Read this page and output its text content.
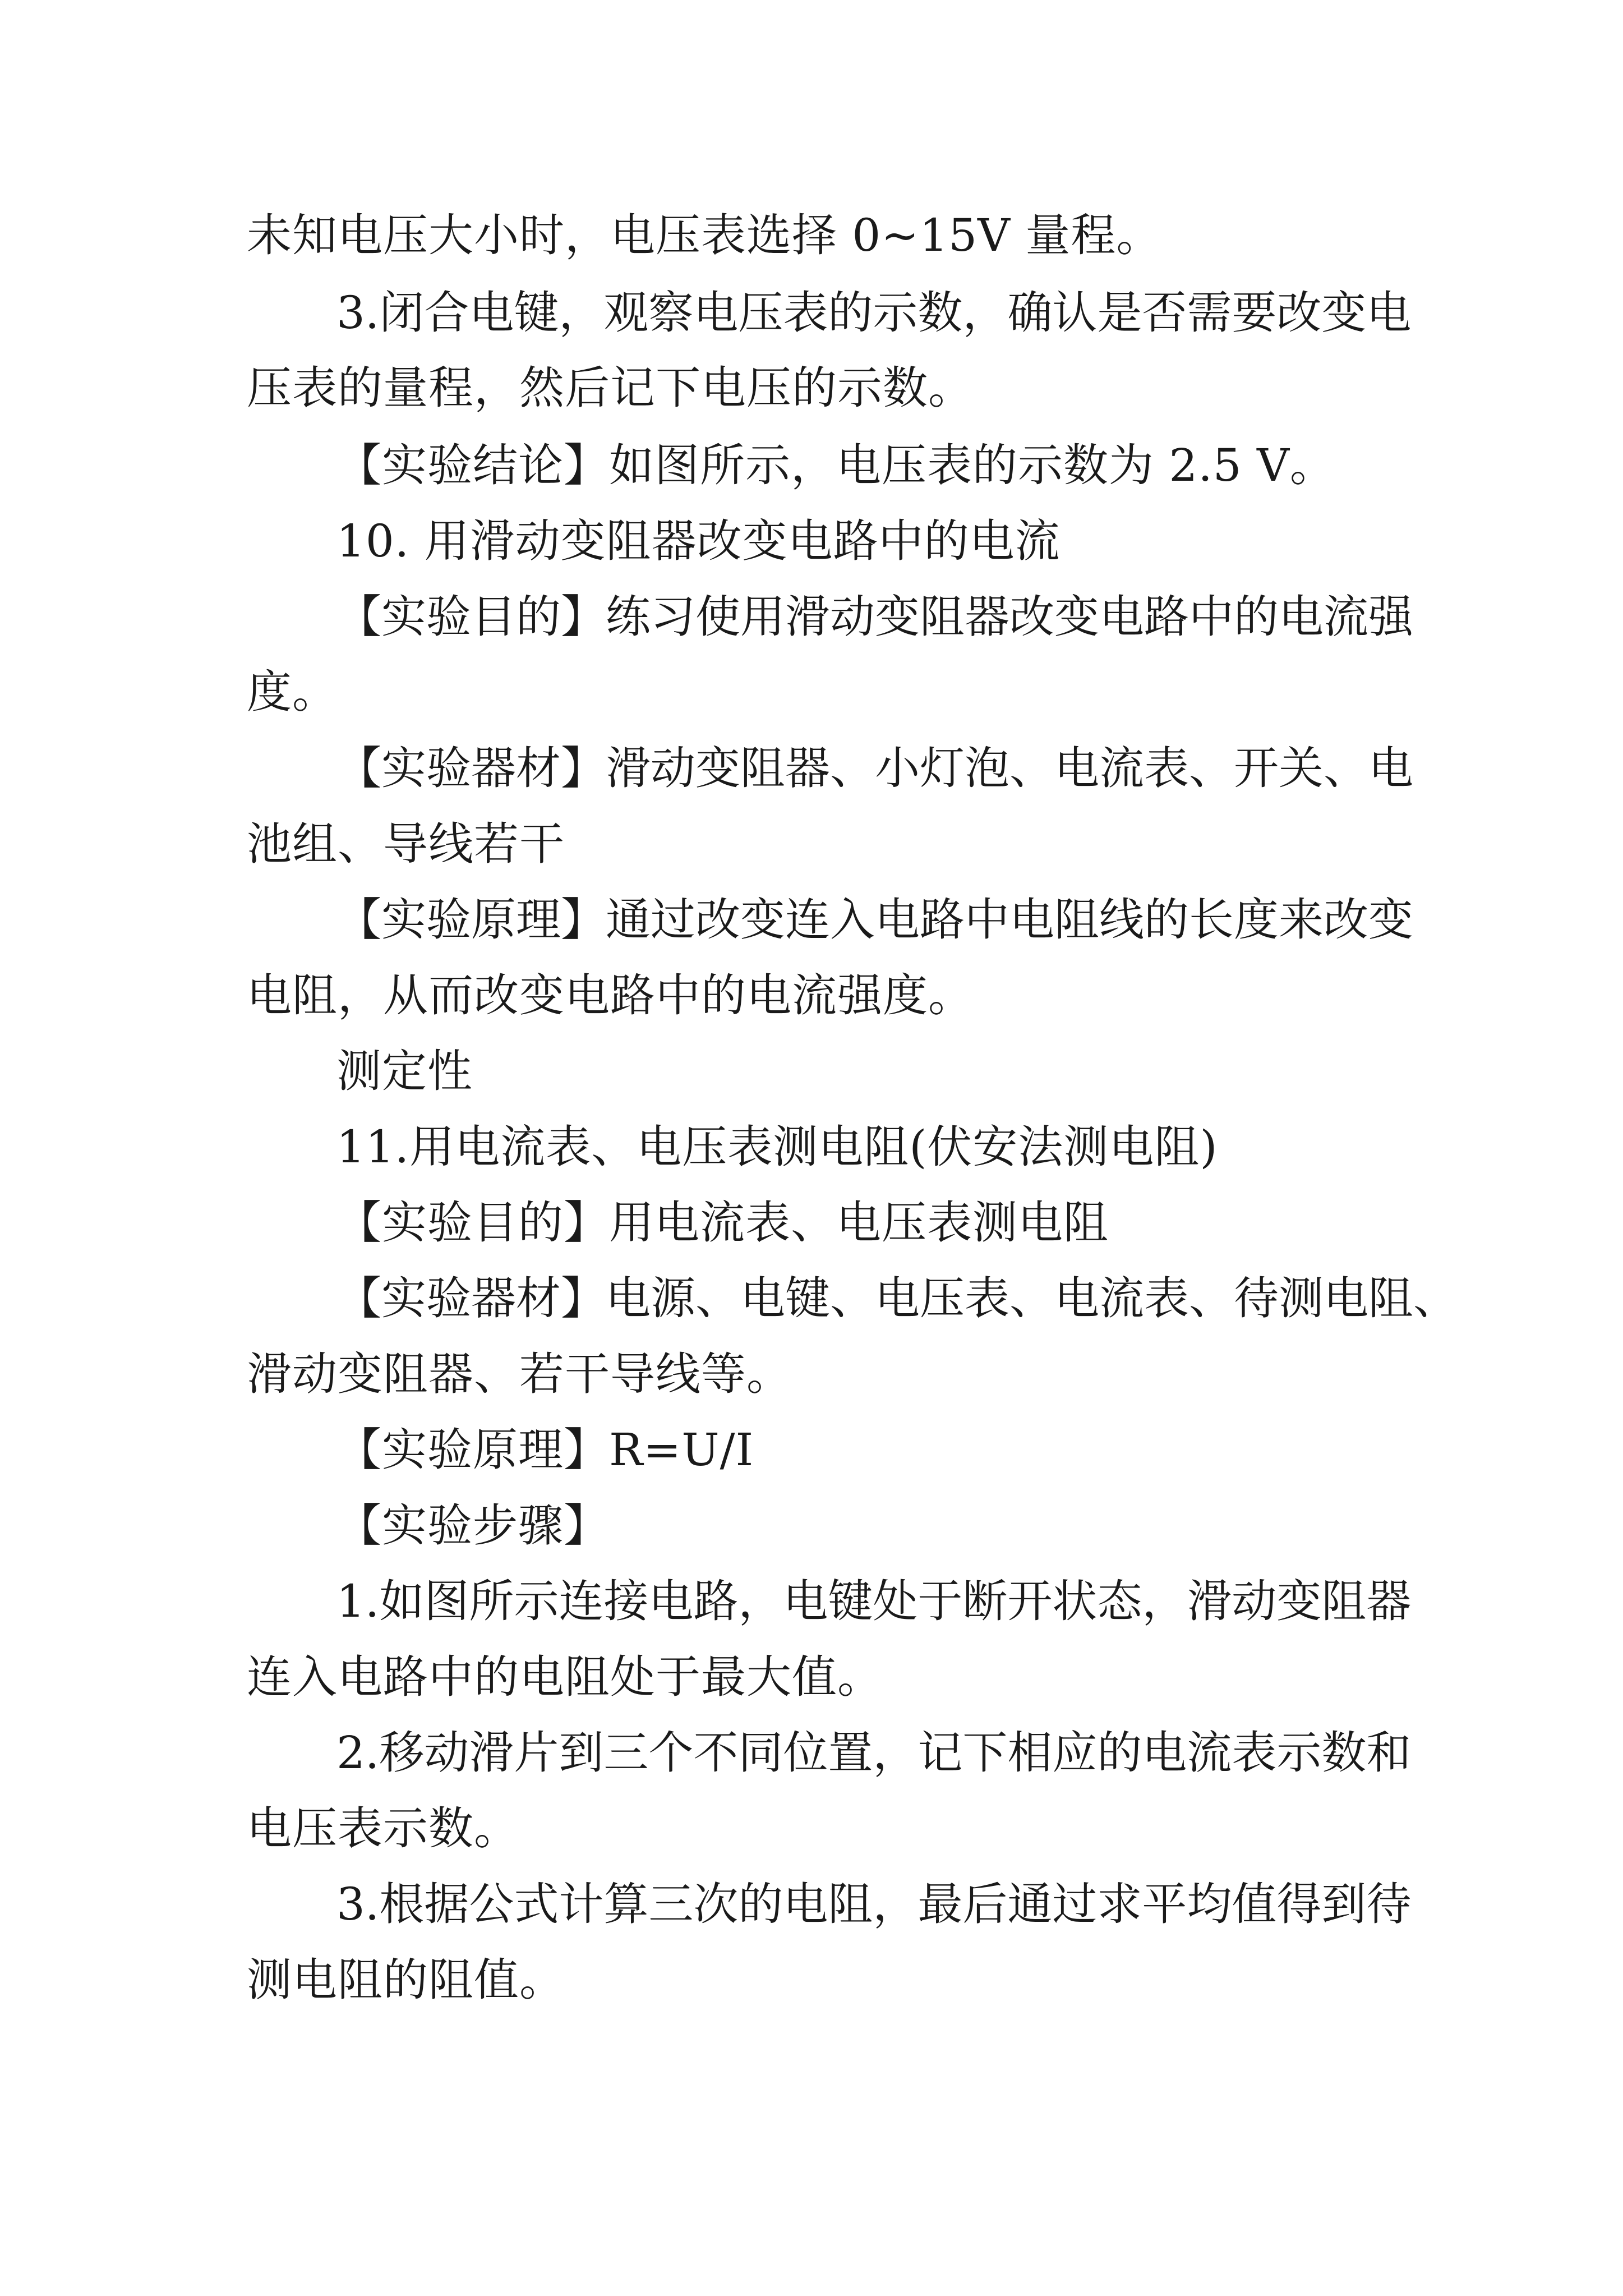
未知电压大小时，电压表选择 0~15V 量程。
3.闭合电键，观察电压表的示数，确认是否需要改变电
压表的量程，然后记下电压的示数。
【实验结论】如图所示，电压表的示数为 2.5 V。
10. 用滑动变阻器改变电路中的电流
【实验目的】练习使用滑动变阻器改变电路中的电流强
度。
【实验器材】滑动变阻器、小灯泡、电流表、开关、电
池组、导线若干
【实验原理】通过改变连入电路中电阻线的长度来改变
电阻，从而改变电路中的电流强度。
测定性
11.用电流表、电压表测电阻(伏安法测电阻)
【实验目的】用电流表、电压表测电阻
【实验器材】电源、电键、电压表、电流表、待测电阻、
滑动变阻器、若干导线等。
【实验原理】R=U/I
【实验步骤】
1.如图所示连接电路，电键处于断开状态，滑动变阻器
连入电路中的电阻处于最大值。
2.移动滑片到三个不同位置，记下相应的电流表示数和
电压表示数。
3.根据公式计算三次的电阻，最后通过求平均值得到待
测电阻的阻值。
